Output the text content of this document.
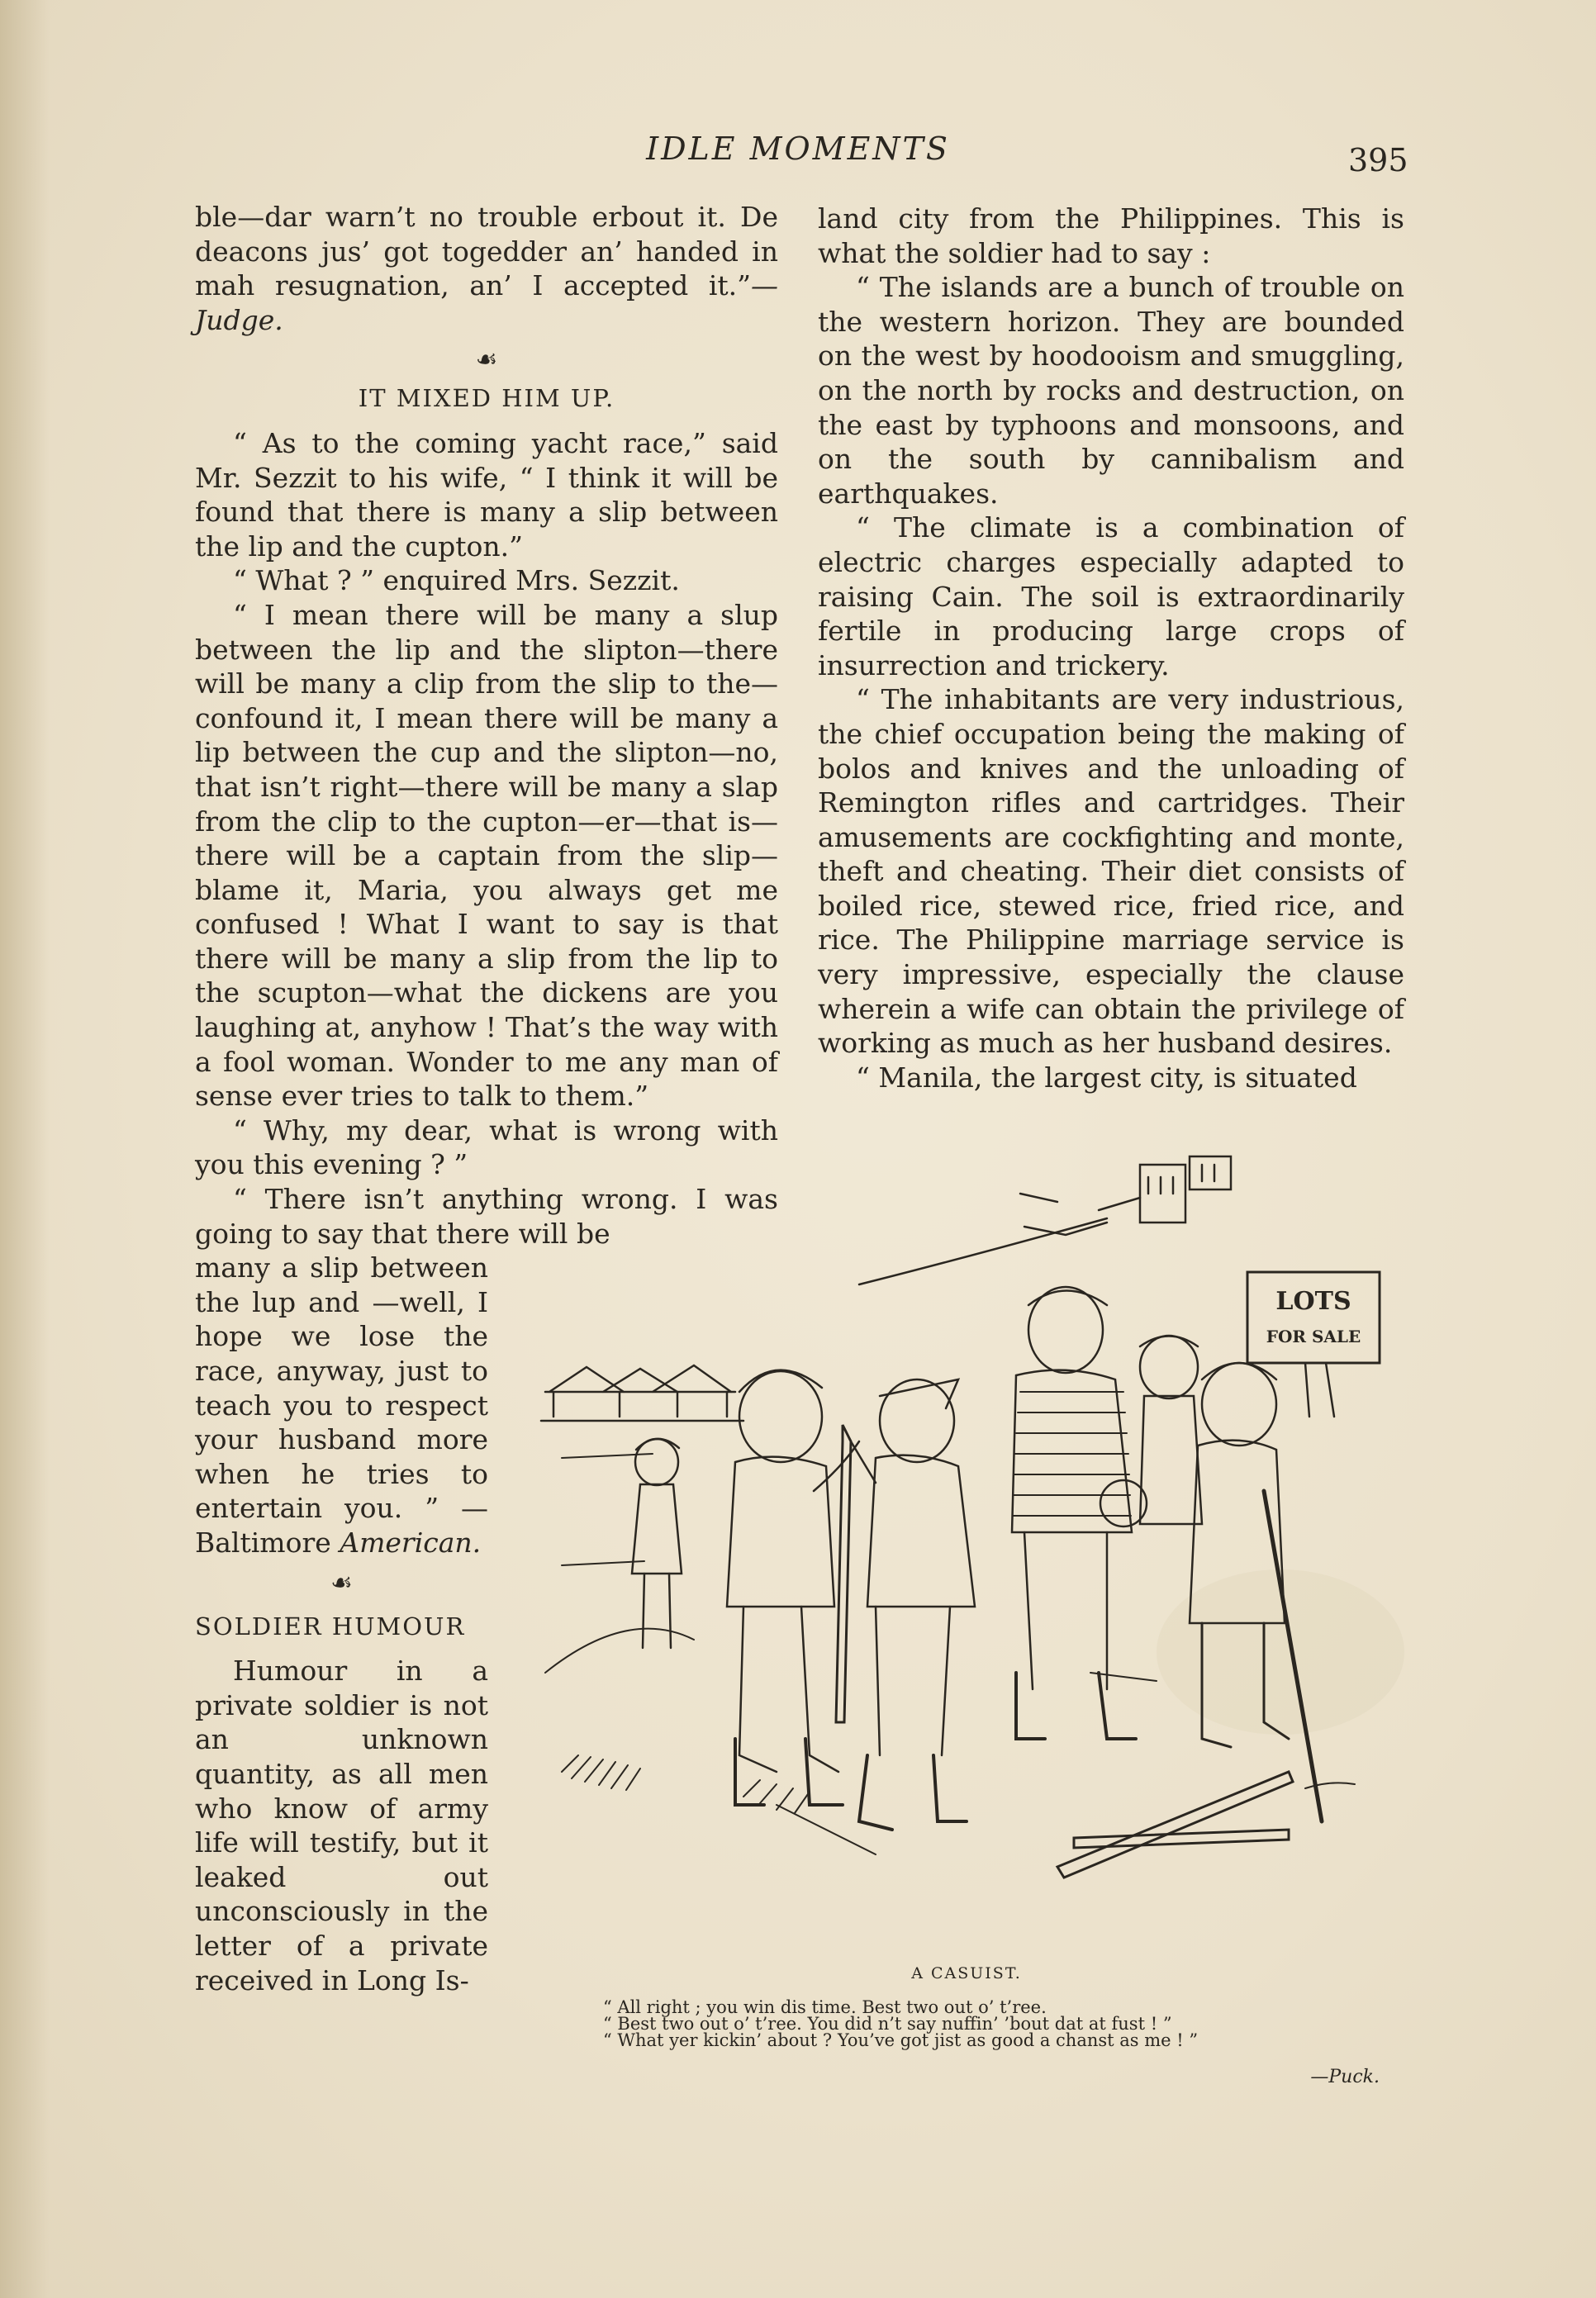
IDLE MOMENTS	395

ble—dar warn’t no trouble erbout it. De deacons jus’ got togedder an’ handed in mah resugnation, an’ I accepted it.”—Judge.

☙
IT MIXED HIM UP.

“ As to the coming yacht race,” said Mr. Sezzit to his wife, “ I think it will be found that there is many a slip between the lip and the cupton.”

“ What ? ” enquired Mrs. Sezzit.

“ I mean there will be many a slup between the lip and the slipton—there will be many a clip from the slip to the—confound it, I mean there will be many a lip between the cup and the slipton—no, that isn’t right—there will be many a slap from the clip to the cupton—er—that is—there will be a captain from the slip—blame it, Maria, you always get me confused ! What I want to say is that there will be many a slip from the lip to the scupton—what the dickens are you laughing at, anyhow ! That’s the way with a fool woman. Wonder to me any man of sense ever tries to talk to them.”

“ Why, my dear, what is wrong with you this evening ? ”

“ There isn’t anything wrong. I was going to say that there will be

many a slip between the lup and —well, I hope we lose the race, anyway, just to teach you to respect your husband more when he tries to entertain you. ” — Baltimore American.

☙
SOLDIER HUMOUR

Humour in a private soldier is not an unknown quantity, as all men who know of army life will testify, but it leaked out unconsciously in the letter of a private received in Long Is-

land city from the Philippines. This is what the soldier had to say :

“ The islands are a bunch of trouble on the western horizon. They are bounded on the west by hoodooism and smuggling, on the north by rocks and destruction, on the east by typhoons and monsoons, and on the south by cannibalism and earthquakes.

“ The climate is a combination of electric charges especially adapted to raising Cain. The soil is extraordinarily fertile in producing large crops of insurrection and trickery.

“ The inhabitants are very industrious, the chief occupation being the making of bolos and knives and the unloading of Remington rifles and cartridges. Their amusements are cockfighting and monte, theft and cheating. Their diet consists of boiled rice, stewed rice, fried rice, and rice. The Philippine marriage service is very impressive, especially the clause wherein a wife can obtain the privilege of working as much as her husband desires.

“ Manila, the largest city, is situated

LOTS
FOR SALE
A CASUIST.
“ All right ; you win dis time. Best two out o’ t’ree.
“ Best two out o’ t’ree. You did n’t say nuffin’ ’bout dat at fust ! ”
“ What yer kickin’ about ? You’ve got jist as good a chanst as me ! ”
—Puck.
